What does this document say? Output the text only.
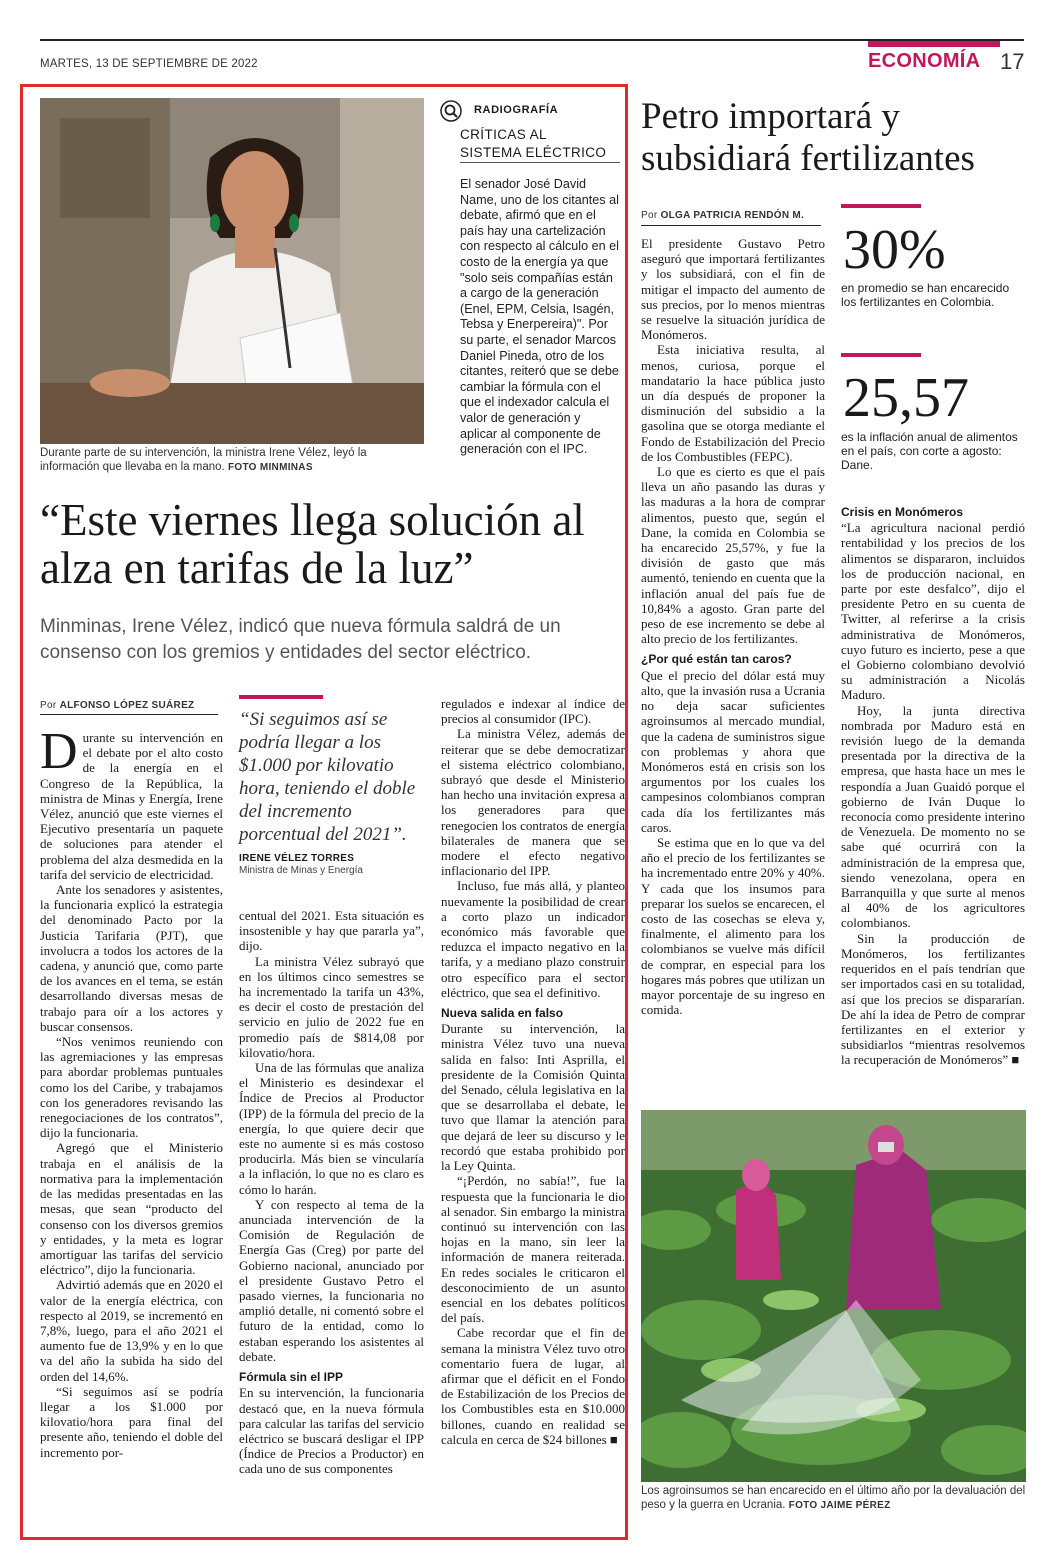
MARTES, 13 DE SEPTIEMBRE DE 2022	ECONOMÍA 17
Durante parte de su intervención, la ministra Irene Vélez, leyó la información que llevaba en la mano. FOTO MINMINAS
RADIOGRAFÍA
CRÍTICAS AL
SISTEMA ELÉCTRICO
El senador José David Name, uno de los citantes al debate, afirmó que en el país hay una cartelización con respecto al cálculo en el costo de la energía ya que "solo seis compañías están a cargo de la generación (Enel, EPM, Celsia, Isagén, Tebsa y Enerpereira)". Por su parte, el senador Marcos Daniel Pineda, otro de los citantes, reiteró que se debe cambiar la fórmula con el que el indexador calcula el valor de generación y aplicar al componente de generación con el IPC.
“Este viernes llega solución al alza en tarifas de la luz”
Minminas, Irene Vélez, indicó que nueva fórmula saldrá de un consenso con los gremios y entidades del sector eléctrico.
Por ALFONSO LÓPEZ SUÁREZ

Durante su intervención en el debate por el alto costo de la energía en el Congreso de la República, la ministra de Minas y Energía, Irene Vélez, anunció que este viernes el Ejecutivo presentaría un paquete de soluciones para atender el problema del alza desmedida en la tarifa del servicio de electricidad.

Ante los senadores y asistentes, la funcionaria explicó la estrategia del denominado Pacto por la Justicia Tarifaria (PJT), que involucra a todos los actores de la cadena, y anunció que, como parte de los avances en el tema, se están desarrollando diversas mesas de trabajo para oír a los actores y buscar consensos.

“Nos venimos reuniendo con las agremiaciones y las empresas para abordar problemas puntuales como los del Caribe, y trabajamos con los generadores revisando las renegociaciones de los contratos”, dijo la funcionaria.

Agregó que el Ministerio trabaja en el análisis de la normativa para la implementación de las medidas presentadas en las mesas, que sean “producto del consenso con los diversos gremios y entidades, y la meta es lograr amortiguar las tarifas del servicio eléctrico”, dijo la funcionaria.

Advirtió además que en 2020 el valor de la energía eléctrica, con respecto al 2019, se incrementó en 7,8%, luego, para el año 2021 el aumento fue de 13,9% y en lo que va del año la subida ha sido del orden del 14,6%.

“Si seguimos así se podría llegar a los $1.000 por kilovatio/hora para final del presente año, teniendo el doble del incremento por-

“Si seguimos así se podría llegar a los $1.000 por kilovatio hora, teniendo el doble del incremento porcentual del 2021”.
IRENE VÉLEZ TORRES
Ministra de Minas y Energía

centual del 2021. Esta situación es insostenible y hay que pararla ya”, dijo.

La ministra Vélez subrayó que en los últimos cinco semestres se ha incrementado la tarifa un 43%, es decir el costo de prestación del servicio en julio de 2022 fue en promedio país de $814,08 por kilovatio/hora.

Una de las fórmulas que analiza el Ministerio es desindexar el Índice de Precios al Productor (IPP) de la fórmula del precio de la energía, lo que quiere decir que este no aumente si es más costoso producirla. Más bien se vincularía a la inflación, lo que no es claro es cómo lo harán.

Y con respecto al tema de la anunciada intervención de la Comisión de Regulación de Energía Gas (Creg) por parte del Gobierno nacional, anunciado por el presidente Gustavo Petro el pasado viernes, la funcionaria no amplió detalle, ni comentó sobre el futuro de la entidad, como lo estaban esperando los asistentes al debate.

Fórmula sin el IPP

En su intervención, la funcionaria destacó que, en la nueva fórmula para calcular las tarifas del servicio eléctrico se buscará desligar el IPP (Índice de Precios a Productor) en cada uno de sus componentes

regulados e indexar al índice de precios al consumidor (IPC).

La ministra Vélez, además de reiterar que se debe democratizar el sistema eléctrico colombiano, subrayó que desde el Ministerio han hecho una invitación expresa a los generadores para que renegocien los contratos de energía bilaterales de manera que se modere el efecto negativo inflacionario del IPP.

Incluso, fue más allá, y planteo nuevamente la posibilidad de crear a corto plazo un indicador económico más favorable que reduzca el impacto negativo en la tarifa, y a mediano plazo construir otro específico para el sector eléctrico, que sea el definitivo.

Nueva salida en falso

Durante su intervención, la ministra Vélez tuvo una nueva salida en falso: Inti Asprilla, el presidente de la Comisión Quinta del Senado, célula legislativa en la que se desarrollaba el debate, le tuvo que llamar la atención para que dejará de leer su discurso y le recordó que estaba prohibido por la Ley Quinta.

“¡Perdón, no sabía!”, fue la respuesta que la funcionaria le dio al senador. Sin embargo la ministra continuó su intervención con las hojas en la mano, sin leer la información de manera reiterada. En redes sociales le criticaron el desconocimiento de un asunto esencial en los debates políticos del país.

Cabe recordar que el fin de semana la ministra Vélez tuvo otro comentario fuera de lugar, al afirmar que el déficit en el Fondo de Estabilización de los Precios de los Combustibles esta en $10.000 billones, cuando en realidad se calcula en cerca de $24 billones ■

Petro importará y subsidiará fertilizantes
Por OLGA PATRICIA RENDÓN M.

El presidente Gustavo Petro aseguró que importará fertilizantes y los subsidiará, con el fin de mitigar el impacto del aumento de sus precios, por lo menos mientras se resuelve la situación jurídica de Monómeros.

Esta iniciativa resulta, al menos, curiosa, porque el mandatario la hace pública justo un día después de proponer la disminución del subsidio a la gasolina que se otorga mediante el Fondo de Estabilización del Precio de los Combustibles (FEPC).

Lo que es cierto es que el país lleva un año pasando las duras y las maduras a la hora de comprar alimentos, puesto que, según el Dane, la comida en Colombia se ha encarecido 25,57%, y fue la división de gasto que más aumentó, teniendo en cuenta que la inflación anual del país fue de 10,84% a agosto. Gran parte del peso de ese incremento se debe al alto precio de los fertilizantes.

¿Por qué están tan caros?

Que el precio del dólar está muy alto, que la invasión rusa a Ucrania no deja sacar suficientes agroinsumos al mercado mundial, que la cadena de suministros sigue con problemas y ahora que Monómeros está en crisis son los argumentos por los cuales los campesinos colombianos compran cada día los fertilizantes más caros.

Se estima que en lo que va del año el precio de los fertilizantes se ha incrementado entre 20% y 40%. Y cada que los insumos para preparar los suelos se encarecen, el costo de las cosechas se eleva y, finalmente, el alimento para los colombianos se vuelve más difícil de comprar, en especial para los hogares más pobres que utilizan un mayor porcentaje de su ingreso en comida.

30%
en promedio se han encarecido los fertilizantes en Colombia.
25,57
es la inflación anual de alimentos en el país, con corte a agosto: Dane.
Crisis en Monómeros

“La agricultura nacional perdió rentabilidad y los precios de los alimentos se dispararon, incluidos los de producción nacional, en parte por este desfalco”, dijo el presidente Petro en su cuenta de Twitter, al referirse a la crisis administrativa de Monómeros, cuyo futuro es incierto, pese a que el Gobierno colombiano devolvió su administración a Nicolás Maduro.

Hoy, la junta directiva nombrada por Maduro está en revisión luego de la demanda presentada por la directiva de la empresa, que hasta hace un mes le respondía a Juan Guaidó porque el gobierno de Iván Duque lo reconocía como presidente interino de Venezuela. De momento no se sabe qué ocurrirá con la administración de la empresa que, siendo venezolana, opera en Barranquilla y que surte al menos al 40% de los agricultores colombianos.

Sin la producción de Monómeros, los fertilizantes requeridos en el país tendrían que ser importados casi en su totalidad, así que los precios se dispararían. De ahí la idea de Petro de comprar fertilizantes en el exterior y subsidiarlos “mientras resolvemos la recuperación de Monómeros” ■

Los agroinsumos se han encarecido en el último año por la devaluación del peso y la guerra en Ucrania. FOTO JAIME PÉREZ
